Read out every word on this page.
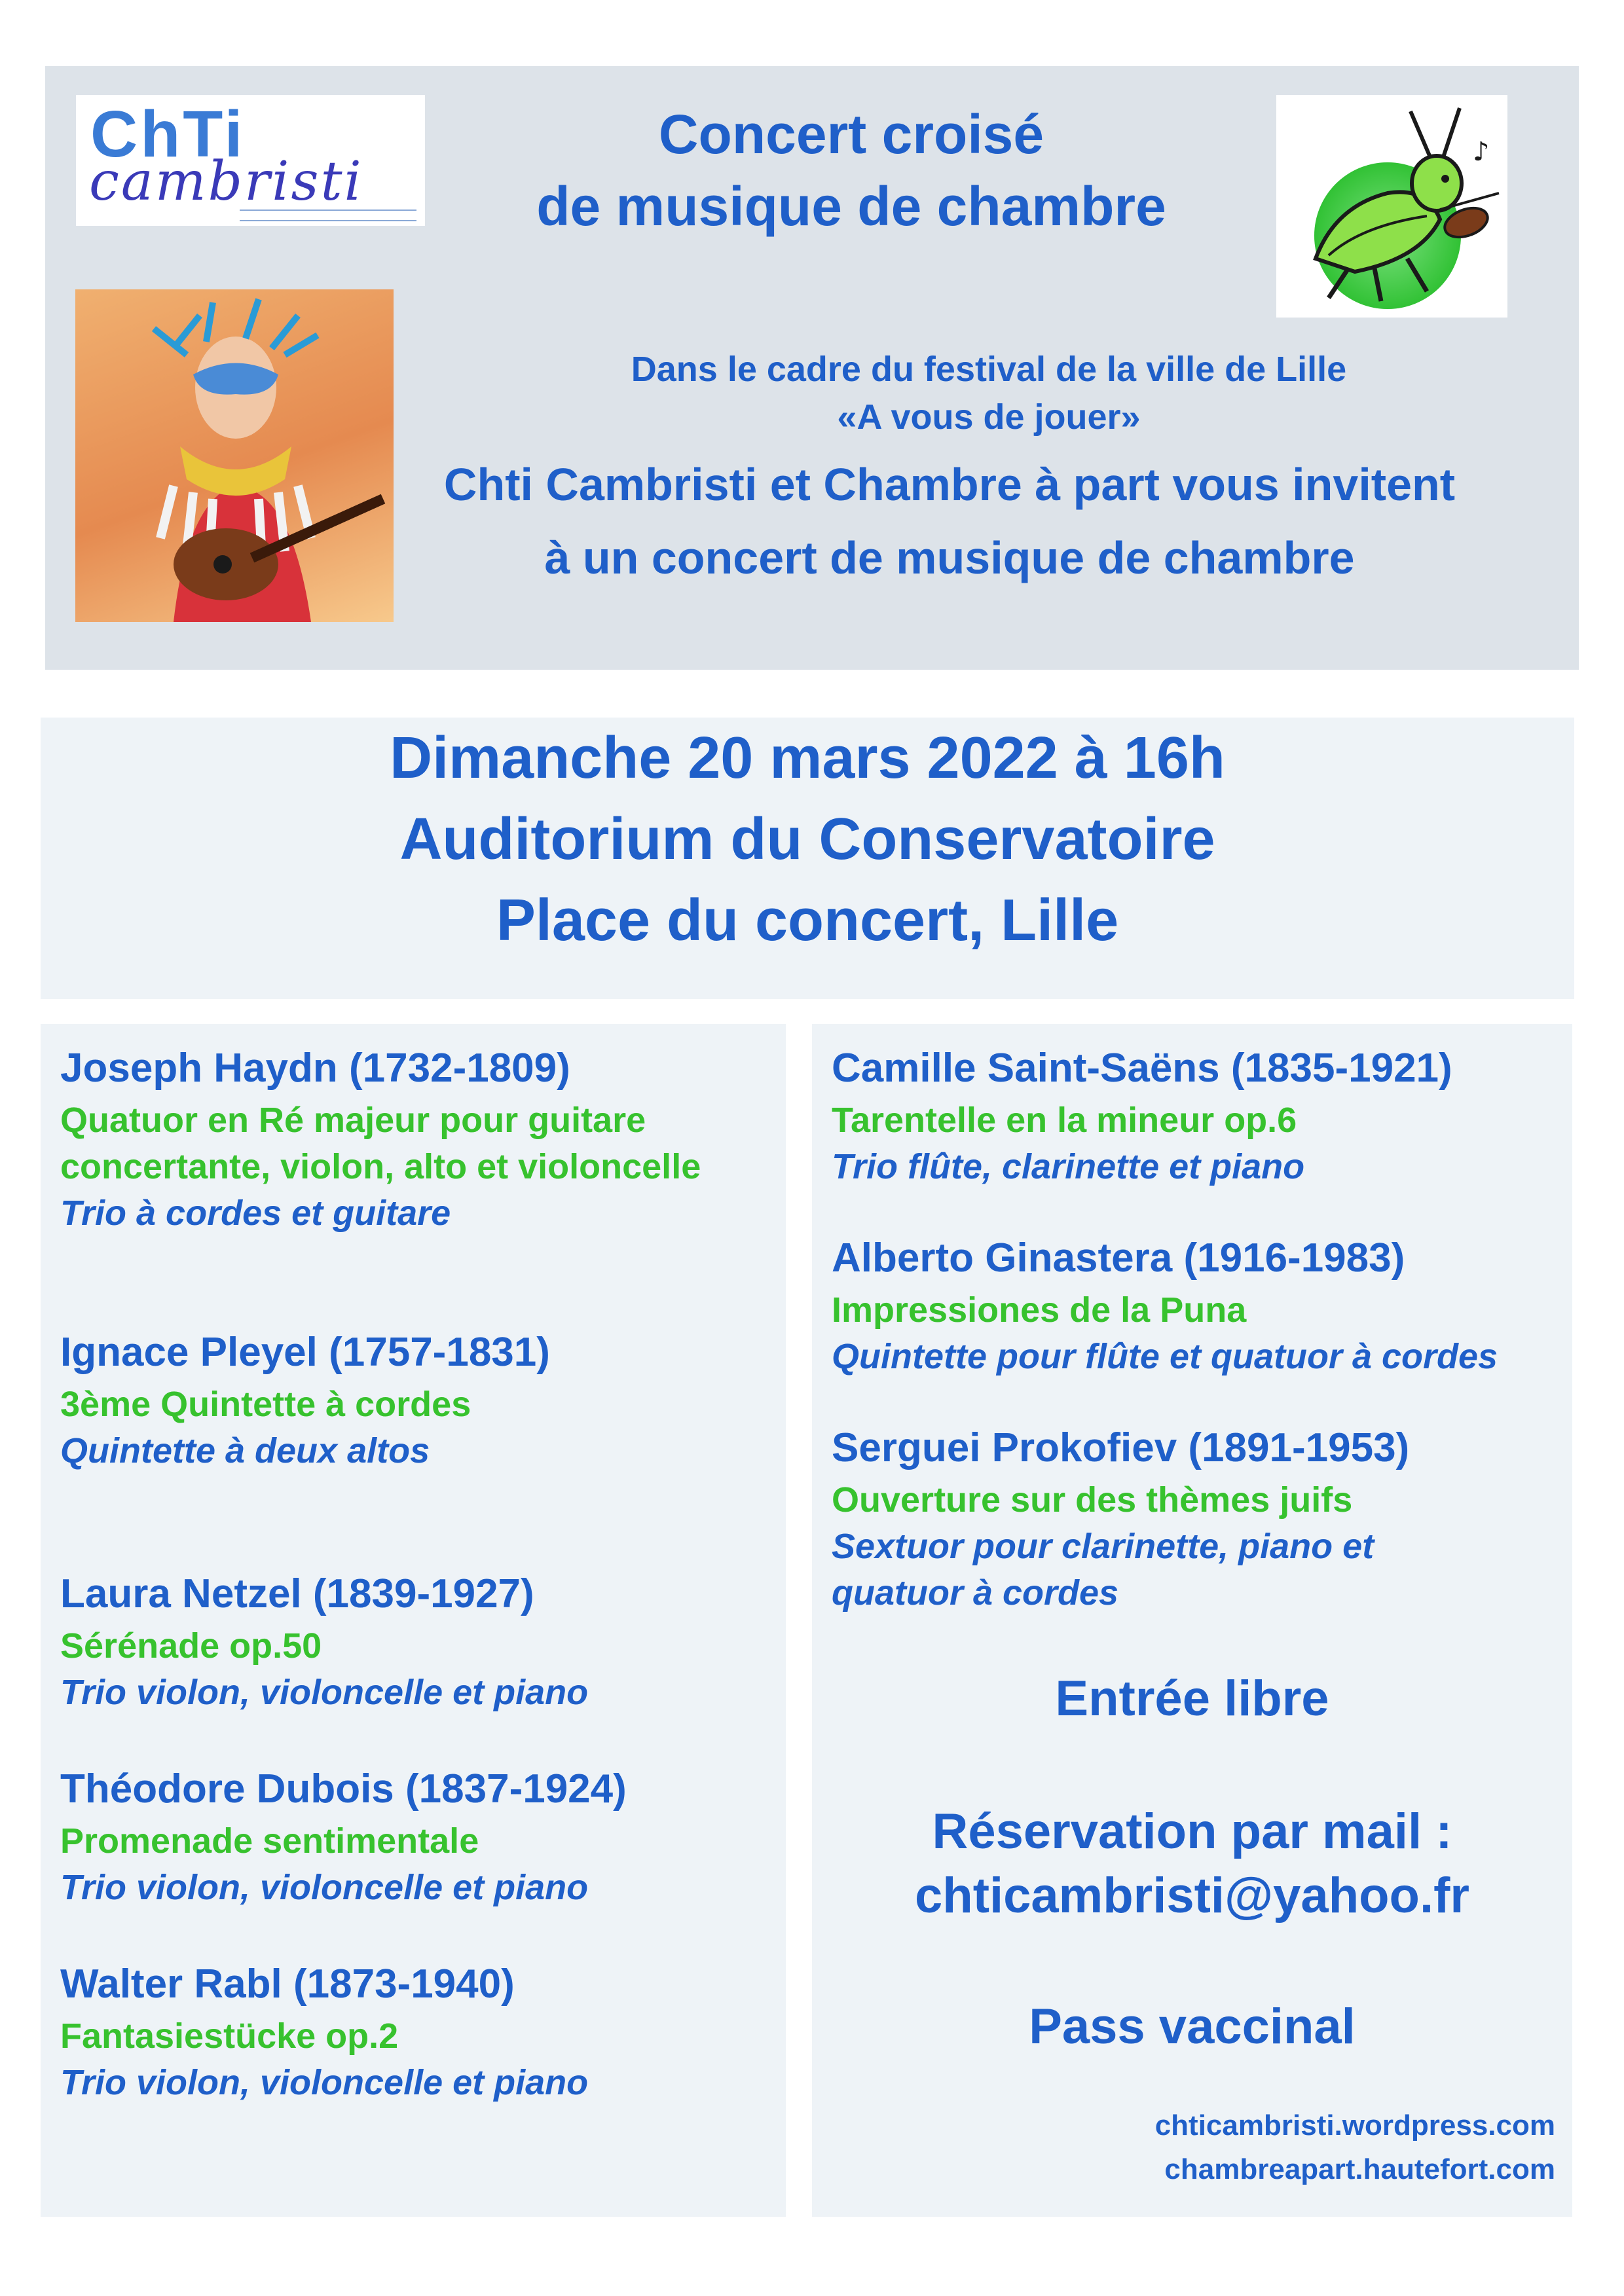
ChTi
cambristi	♪
Concert croisé
de musique de chambre
Dans le cadre du festival de la ville de Lille
«A vous de jouer»
Chti Cambristi et Chambre à part vous invitent
à un concert de musique de chambre
Dimanche 20 mars 2022 à 16h
Auditorium du Conservatoire
Place du concert, Lille
Joseph Haydn (1732-1809)
Quatuor en Ré majeur pour guitare
concertante, violon, alto et violoncelle
Trio à cordes et guitare
Ignace Pleyel (1757-1831)
3ème Quintette à cordes
Quintette à deux altos
Laura Netzel (1839-1927)
Sérénade op.50
Trio violon, violoncelle et piano
Théodore Dubois (1837-1924)
Promenade sentimentale
Trio violon, violoncelle et piano
Walter Rabl (1873-1940)
Fantasiestücke op.2
Trio violon, violoncelle et piano
Camille Saint-Saëns (1835-1921)
Tarentelle en la mineur op.6
Trio flûte, clarinette et piano
Alberto Ginastera (1916-1983)
Impressiones de la Puna
Quintette pour flûte et quatuor à cordes
Serguei Prokofiev (1891-1953)
Ouverture sur des thèmes juifs
Sextuor pour clarinette, piano et
quatuor à cordes
Entrée libre
Réservation par mail :
chticambristi@yahoo.fr
Pass vaccinal
chticambristi.wordpress.com
chambreapart.hautefort.com
